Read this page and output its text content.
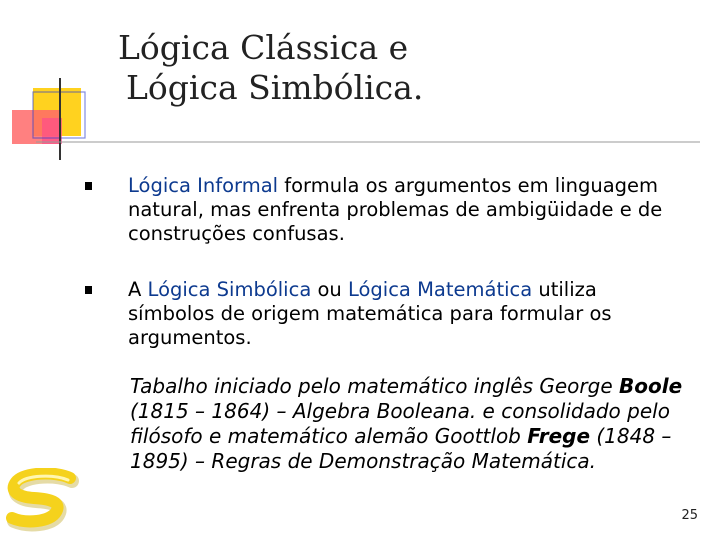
Lógica Clássica e
Lógica Simbólica.
Lógica Informal formula os argumentos em linguagem natural, mas enfrenta problemas de ambigüidade e de construções confusas.
A Lógica Simbólica ou Lógica Matemática utiliza símbolos de origem matemática para formular os argumentos.
Tabalho iniciado pelo matemático inglês George Boole (1815 – 1864) – Algebra Booleana. e consolidado pelo filósofo e matemático alemão Goottlob Frege (1848 – 1895) – Regras de Demonstração Matemática.
25
